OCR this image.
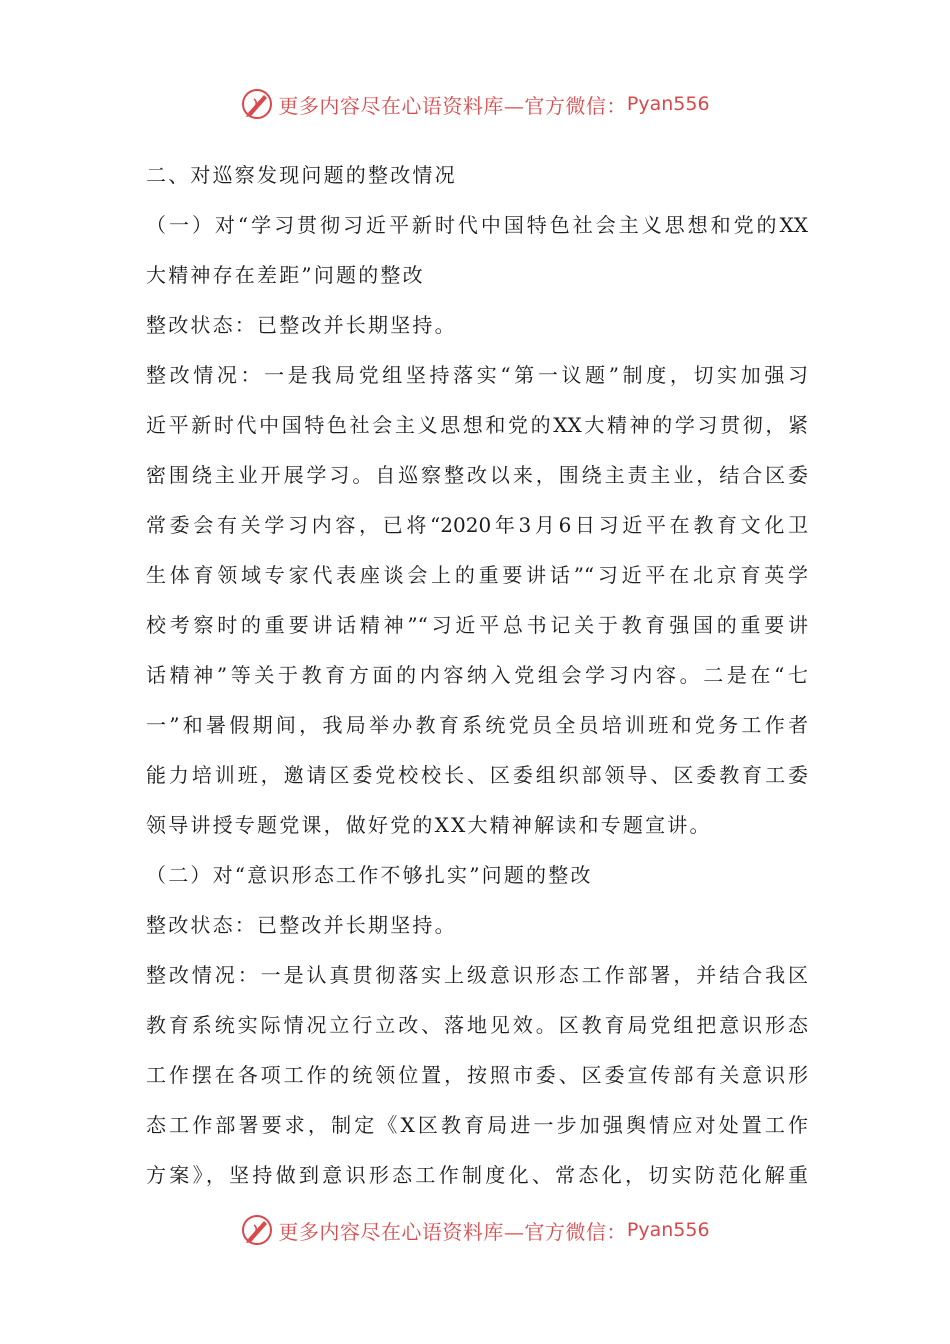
更多内容尽在心语资料库—官方微信： Pyan556
二、对巡察发现问题的整改情况
（一）对“学习贯彻习近平新时代中国特色社会主义思想和党的XX
大精神存在差距”问题的整改
整改状态：已整改并长期坚持。
整改情况：一是我局党组坚持落实“第一议题”制度，切实加强习
近平新时代中国特色社会主义思想和党的XX大精神的学习贯彻，紧
密围绕主业开展学习。自巡察整改以来，围绕主责主业，结合区委
常委会有关学习内容，已将“2020年3月6日习近平在教育文化卫
生体育领域专家代表座谈会上的重要讲话”“习近平在北京育英学
校考察时的重要讲话精神”“习近平总书记关于教育强国的重要讲
话精神”等关于教育方面的内容纳入党组会学习内容。二是在“七
一”和暑假期间，我局举办教育系统党员全员培训班和党务工作者
能力培训班，邀请区委党校校长、区委组织部领导、区委教育工委
领导讲授专题党课，做好党的XX大精神解读和专题宣讲。
（二）对“意识形态工作不够扎实”问题的整改
整改状态：已整改并长期坚持。
整改情况：一是认真贯彻落实上级意识形态工作部署，并结合我区
教育系统实际情况立行立改、落地见效。区教育局党组把意识形态
工作摆在各项工作的统领位置，按照市委、区委宣传部有关意识形
态工作部署要求，制定《X区教育局进一步加强舆情应对处置工作
方案》，坚持做到意识形态工作制度化、常态化，切实防范化解重
更多内容尽在心语资料库—官方微信： Pyan556
